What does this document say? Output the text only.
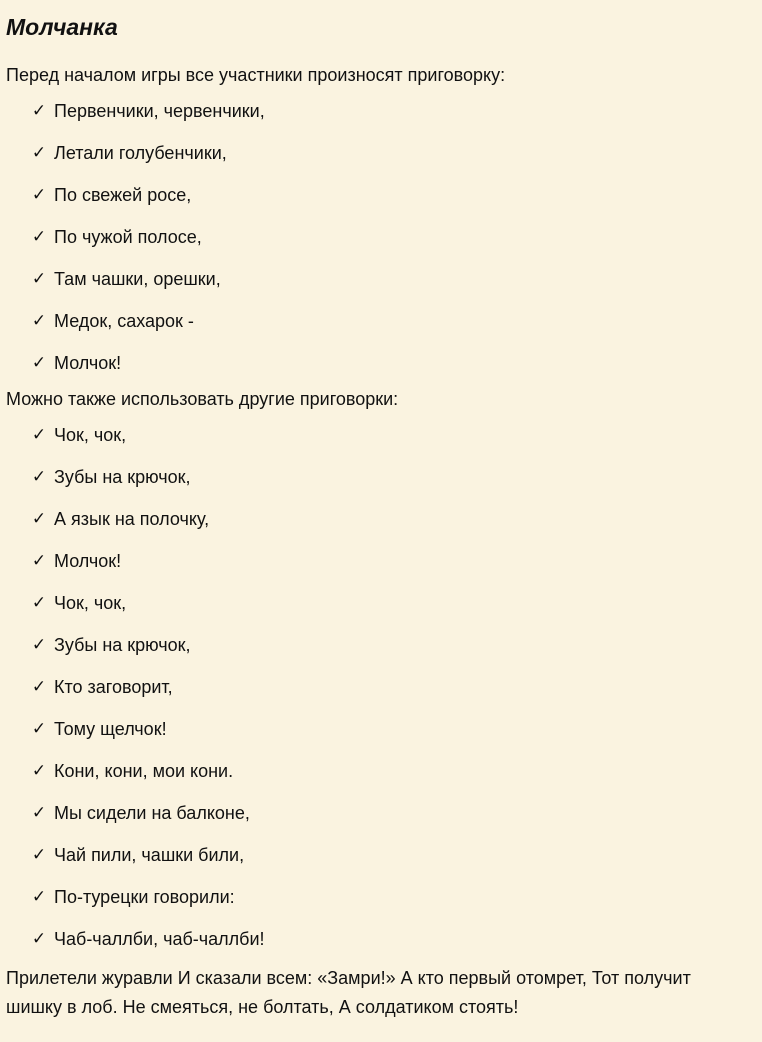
Молчанка

Перед началом игры все участники произносят приговорку:

✓ Первенчики, червенчики,
✓ Летали голубенчики,
✓ По свежей росе,
✓ По чужой полосе,
✓ Там чашки, орешки,
✓ Медок, сахарок -
✓ Молчок!

Можно также использовать другие приговорки:

✓ Чок, чок,
✓ Зубы на крючок,
✓ А язык на полочку,
✓ Молчок!
✓ Чок, чок,
✓ Зубы на крючок,
✓ Кто заговорит,
✓ Тому щелчок!
✓ Кони, кони, мои кони.
✓ Мы сидели на балконе,
✓ Чай пили, чашки били,
✓ По-турецки говорили:
✓ Чаб-чаллби, чаб-чаллби!

Прилетели журавли И сказали всем: «Замри!» А кто первый отомрет, Тот получит шишку в лоб. Не смеяться, не болтать, А солдатиком стоять!
